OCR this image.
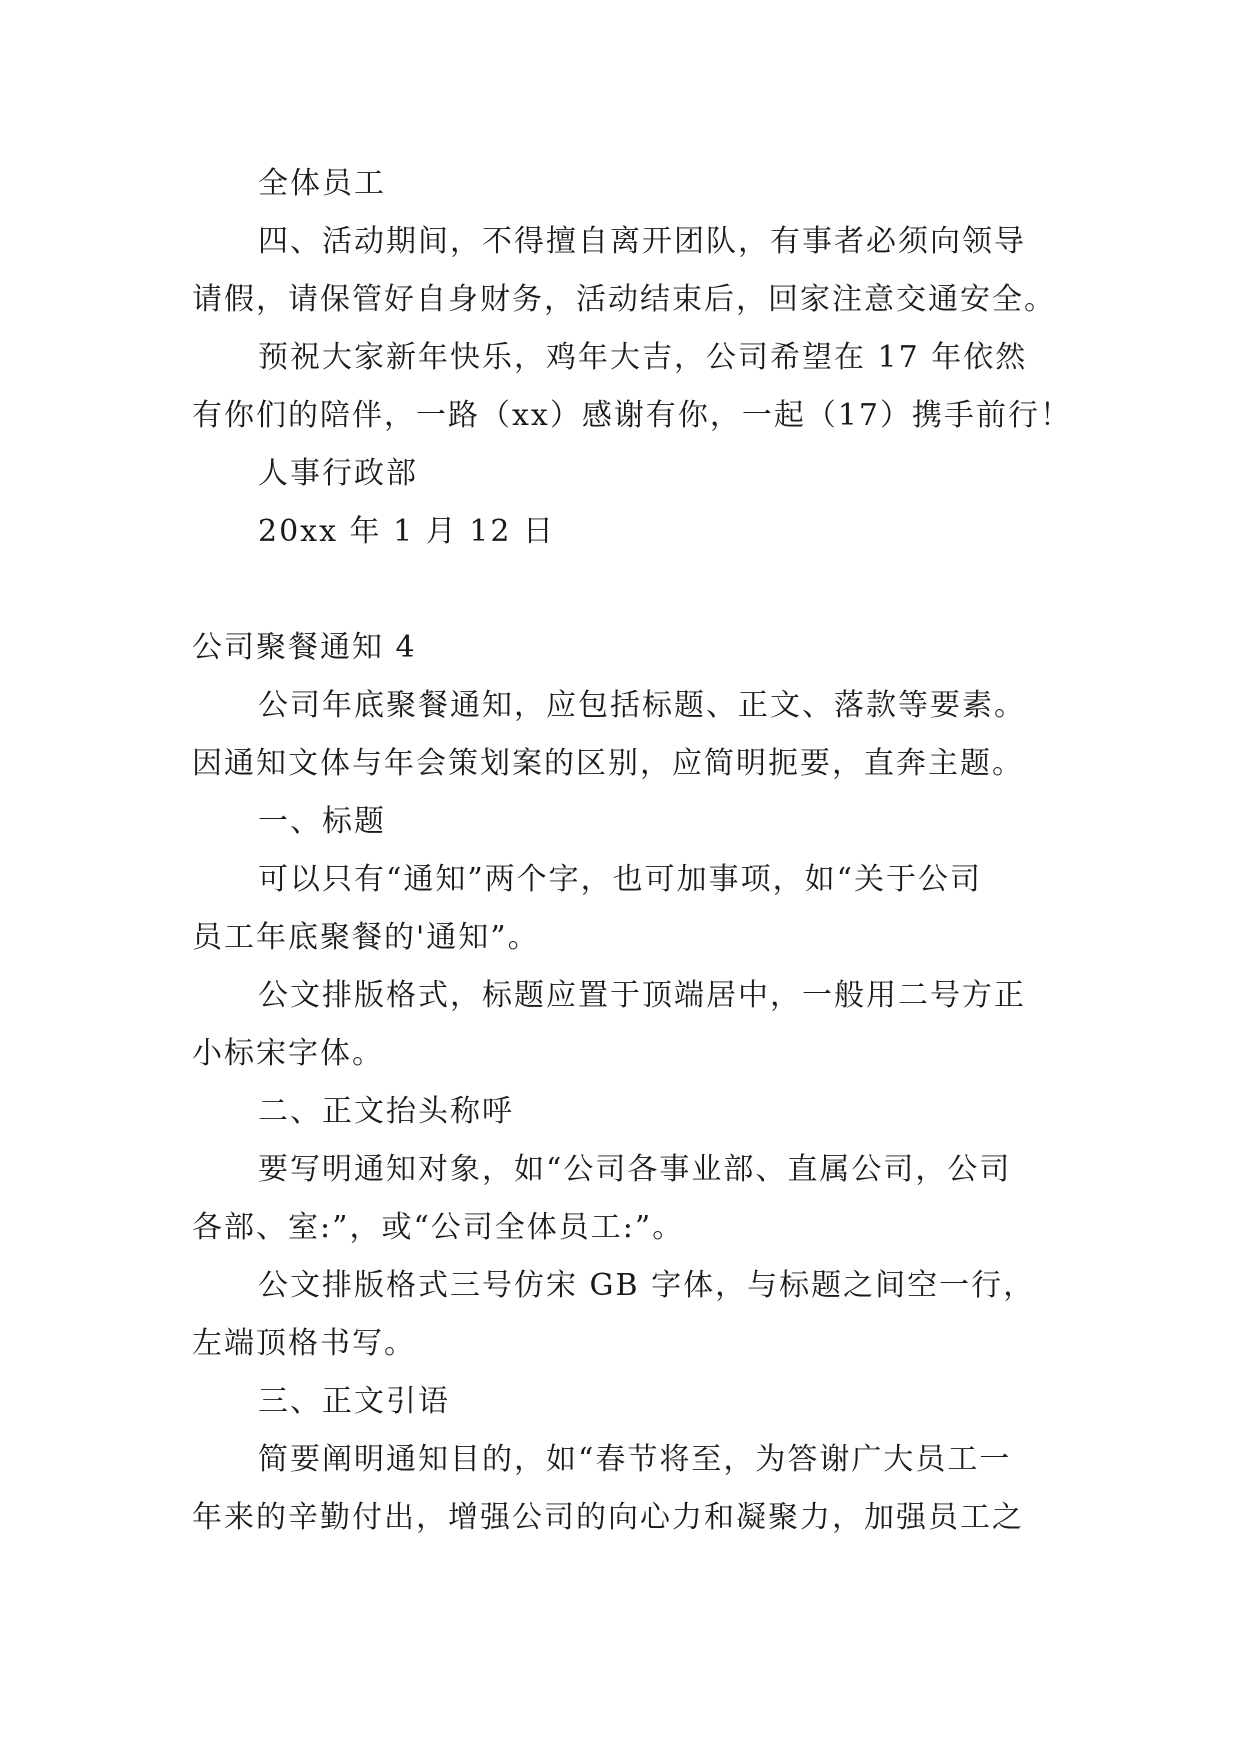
全体员工
四、活动期间，不得擅自离开团队，有事者必须向领导
请假，请保管好自身财务，活动结束后，回家注意交通安全。
预祝大家新年快乐，鸡年大吉，公司希望在 17 年依然
有你们的陪伴，一路（xx）感谢有你，一起（17）携手前行！
人事行政部
20xx 年 1 月 12 日
公司聚餐通知 4
公司年底聚餐通知，应包括标题、正文、落款等要素。
因通知文体与年会策划案的区别，应简明扼要，直奔主题。
一、标题
可以只有“通知”两个字，也可加事项，如“关于公司
员工年底聚餐的'通知”。
公文排版格式，标题应置于顶端居中，一般用二号方正
小标宋字体。
二、正文抬头称呼
要写明通知对象，如“公司各事业部、直属公司，公司
各部、室:”，或“公司全体员工:”。
公文排版格式三号仿宋 GB 字体，与标题之间空一行，
左端顶格书写。
三、正文引语
简要阐明通知目的，如“春节将至，为答谢广大员工一
年来的辛勤付出，增强公司的向心力和凝聚力，加强员工之
